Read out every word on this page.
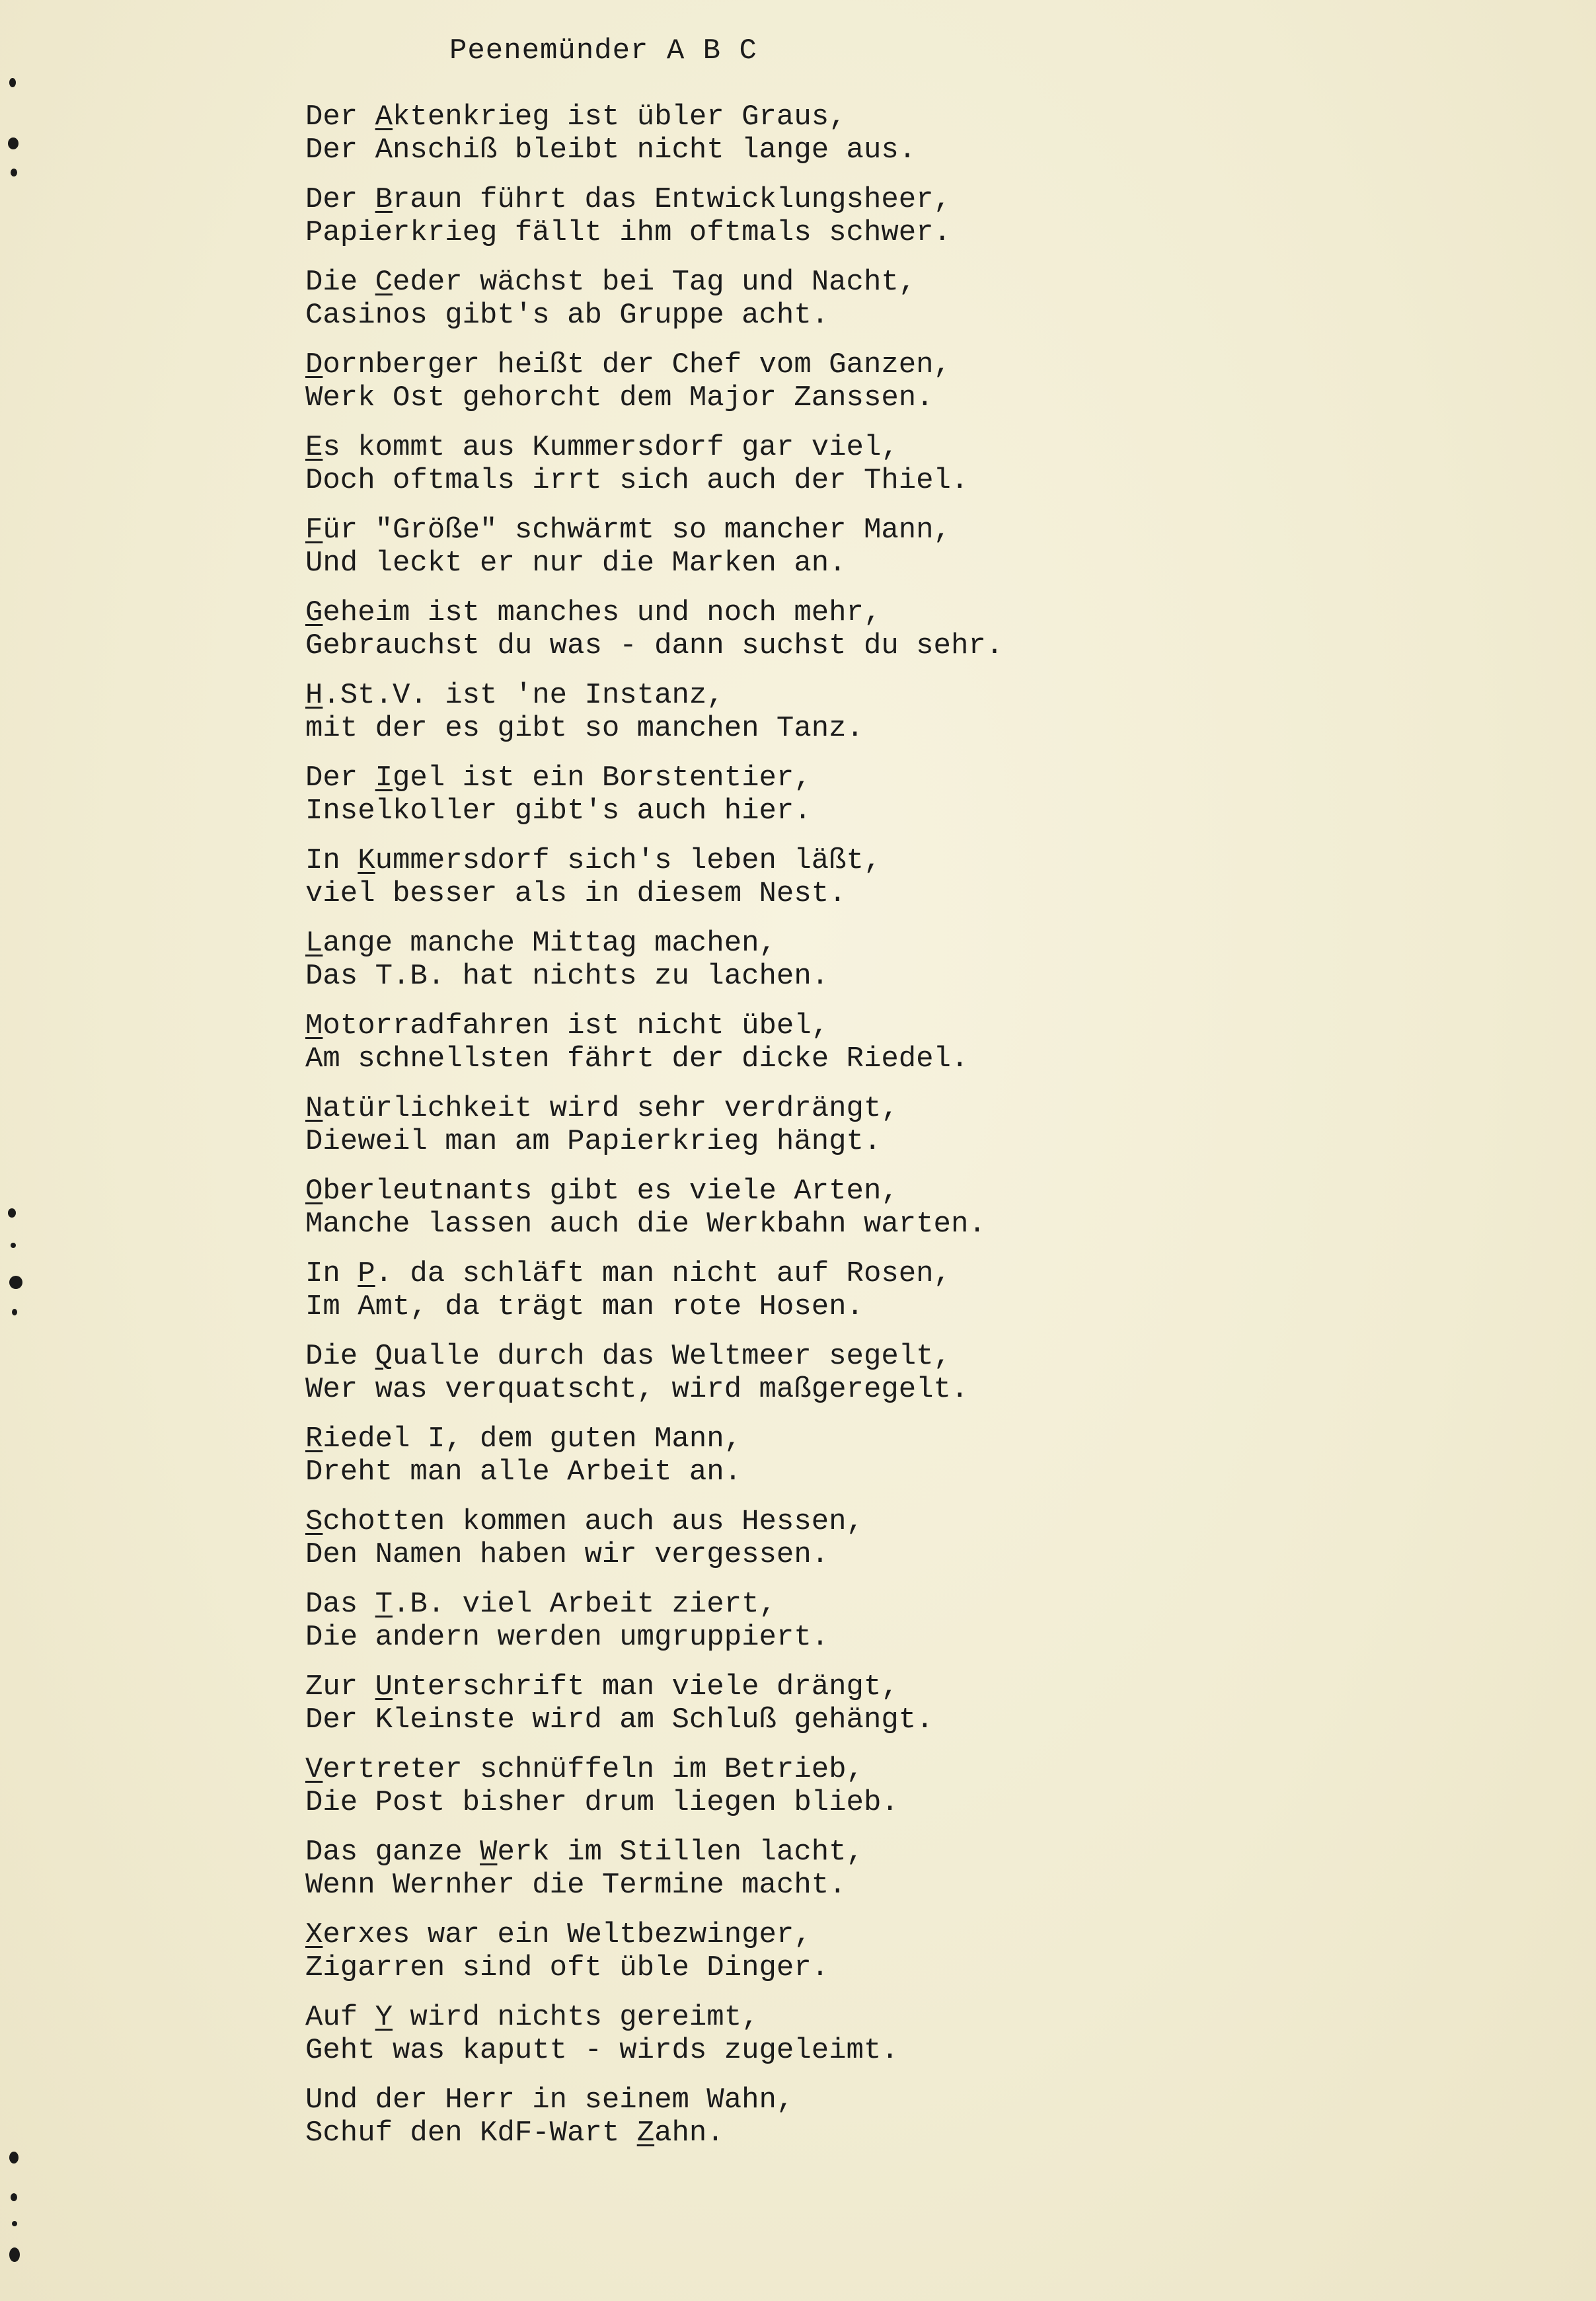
Peenemünder A B C
Der Aktenkrieg ist übler Graus,
Der Anschiß bleibt nicht lange aus.
Der Braun führt das Entwicklungsheer,
Papierkrieg fällt ihm oftmals schwer.
Die Ceder wächst bei Tag und Nacht,
Casinos gibt's ab Gruppe acht.
Dornberger heißt der Chef vom Ganzen,
Werk Ost gehorcht dem Major Zanssen.
Es kommt aus Kummersdorf gar viel,
Doch oftmals irrt sich auch der Thiel.
Für "Größe" schwärmt so mancher Mann,
Und leckt er nur die Marken an.
Geheim ist manches und noch mehr,
Gebrauchst du was - dann suchst du sehr.
H.St.V. ist 'ne Instanz,
mit der es gibt so manchen Tanz.
Der Igel ist ein Borstentier,
Inselkoller gibt's auch hier.
In Kummersdorf sich's leben läßt,
viel besser als in diesem Nest.
Lange manche Mittag machen,
Das T.B. hat nichts zu lachen.
Motorradfahren ist nicht übel,
Am schnellsten fährt der dicke Riedel.
Natürlichkeit wird sehr verdrängt,
Dieweil man am Papierkrieg hängt.
Oberleutnants gibt es viele Arten,
Manche lassen auch die Werkbahn warten.
In P. da schläft man nicht auf Rosen,
Im Amt, da trägt man rote Hosen.
Die Qualle durch das Weltmeer segelt,
Wer was verquatscht, wird maßgeregelt.
Riedel I, dem guten Mann,
Dreht man alle Arbeit an.
Schotten kommen auch aus Hessen,
Den Namen haben wir vergessen.
Das T.B. viel Arbeit ziert,
Die andern werden umgruppiert.
Zur Unterschrift man viele drängt,
Der Kleinste wird am Schluß gehängt.
Vertreter schnüffeln im Betrieb,
Die Post bisher drum liegen blieb.
Das ganze Werk im Stillen lacht,
Wenn Wernher die Termine macht.
Xerxes war ein Weltbezwinger,
Zigarren sind oft üble Dinger.
Auf Y wird nichts gereimt,
Geht was kaputt - wirds zugeleimt.
Und der Herr in seinem Wahn,
Schuf den KdF-Wart Zahn.
